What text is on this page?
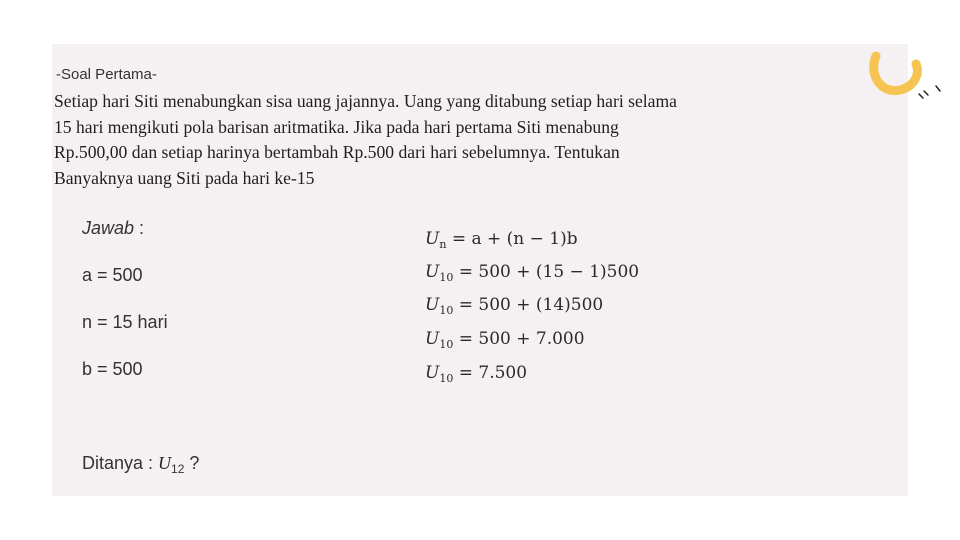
-Soal Pertama-
Setiap hari Siti menabungkan sisa uang jajannya. Uang yang ditabung setiap hari selama
15 hari mengikuti pola barisan aritmatika. Jika pada hari pertama Siti menabung
Rp.500,00 dan setiap harinya bertambah Rp.500 dari hari sebelumnya. Tentukan
Banyaknya uang Siti pada hari ke-15
Jawab :
a = 500
n = 15 hari
b = 500
Ditanya : $U_{12}$ ?
$U_n = a + (n - 1)b$
$U_{10} = 500 + (15 - 1)500$
$U_{10} = 500 + (14)500$
$U_{10} = 500 + 7.000$
$U_{10} = 7.500$
